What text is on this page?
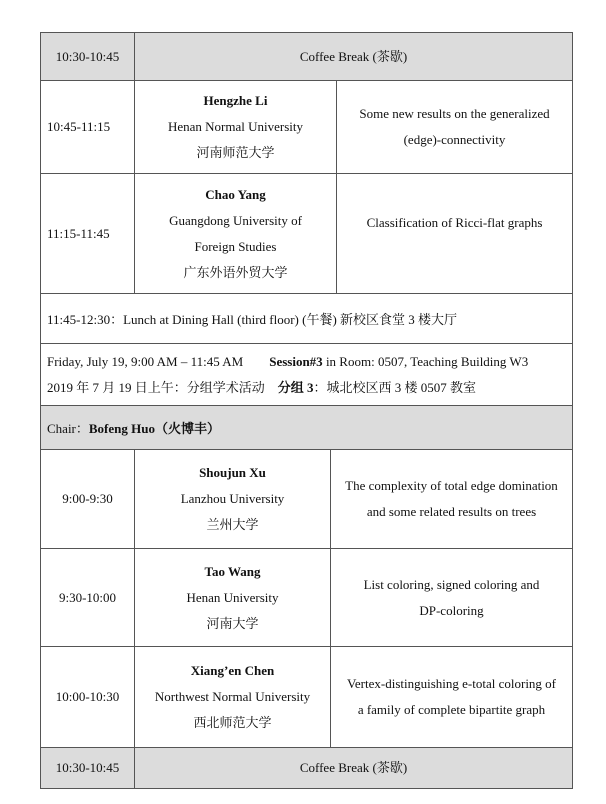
10:30-10:45	Coffee Break (茶歇)
10:45-11:15
Hengzhe Li
Henan Normal University
河南师范大学
Some new results on the generalized
(edge)-connectivity
11:15-11:45
Chao Yang
Guangdong University of
Foreign Studies
广东外语外贸大学
Classification of Ricci-flat graphs
11:45-12:30：Lunch at Dining Hall (third floor) (午餐) 新校区食堂 3 楼大厅
Friday, July 19, 9:00 AM – 11:45 AM Session#3 in Room: 0507, Teaching Building W3
2019 年 7 月 19 日上午：分组学术活动 分组 3：城北校区西 3 楼 0507 教室
Chair： Bofeng Huo（火博丰）
9:00-9:30
Shoujun Xu
Lanzhou University
兰州大学
The complexity of total edge domination
and some related results on trees
9:30-10:00
Tao Wang
Henan University
河南大学
List coloring, signed coloring and
DP-coloring
10:00-10:30
Xiang’en Chen
Northwest Normal University
西北师范大学
Vertex-distinguishing e-total coloring of
a family of complete bipartite graph
10:30-10:45	Coffee Break (茶歇)
